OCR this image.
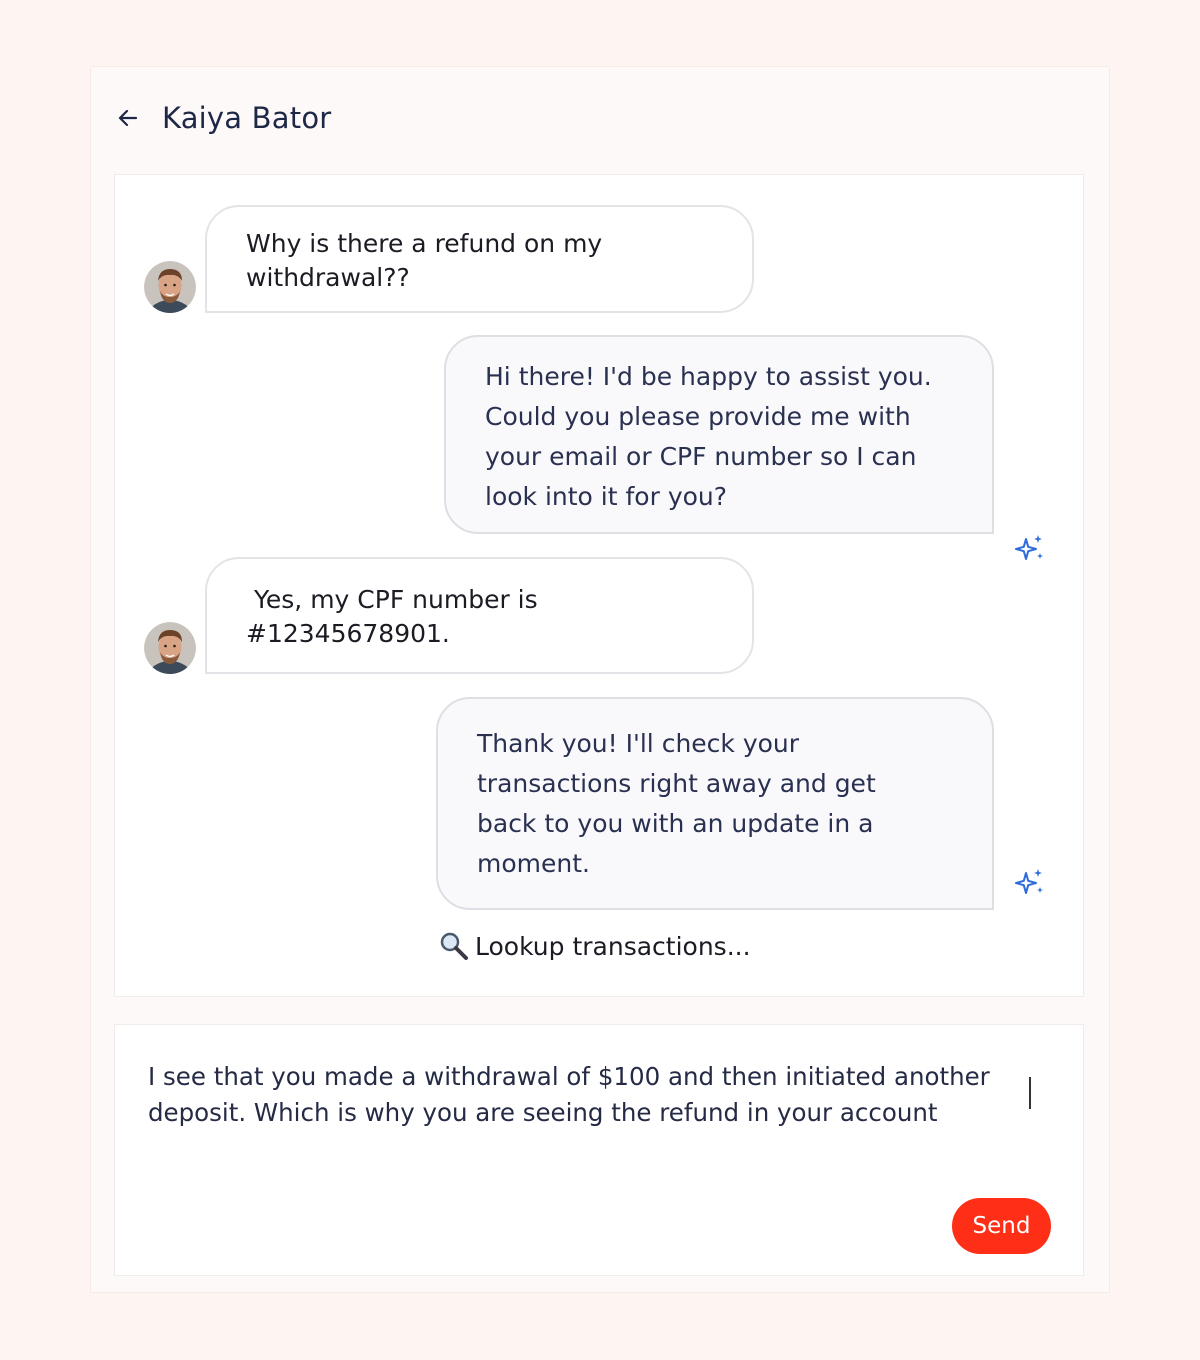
Kaiya Bator
Why is there a refund on my withdrawal??
Hi there! I'd be happy to assist you. Could you please provide me with your email or CPF number so I can look into it for you?
Yes, my CPF number is #12345678901.
Thank you! I'll check your transactions right away and get back to you with an update in a moment.
Lookup transactions...
I see that you made a withdrawal of $100 and then initiated another deposit. Which is why you are seeing the refund in your account
Send
